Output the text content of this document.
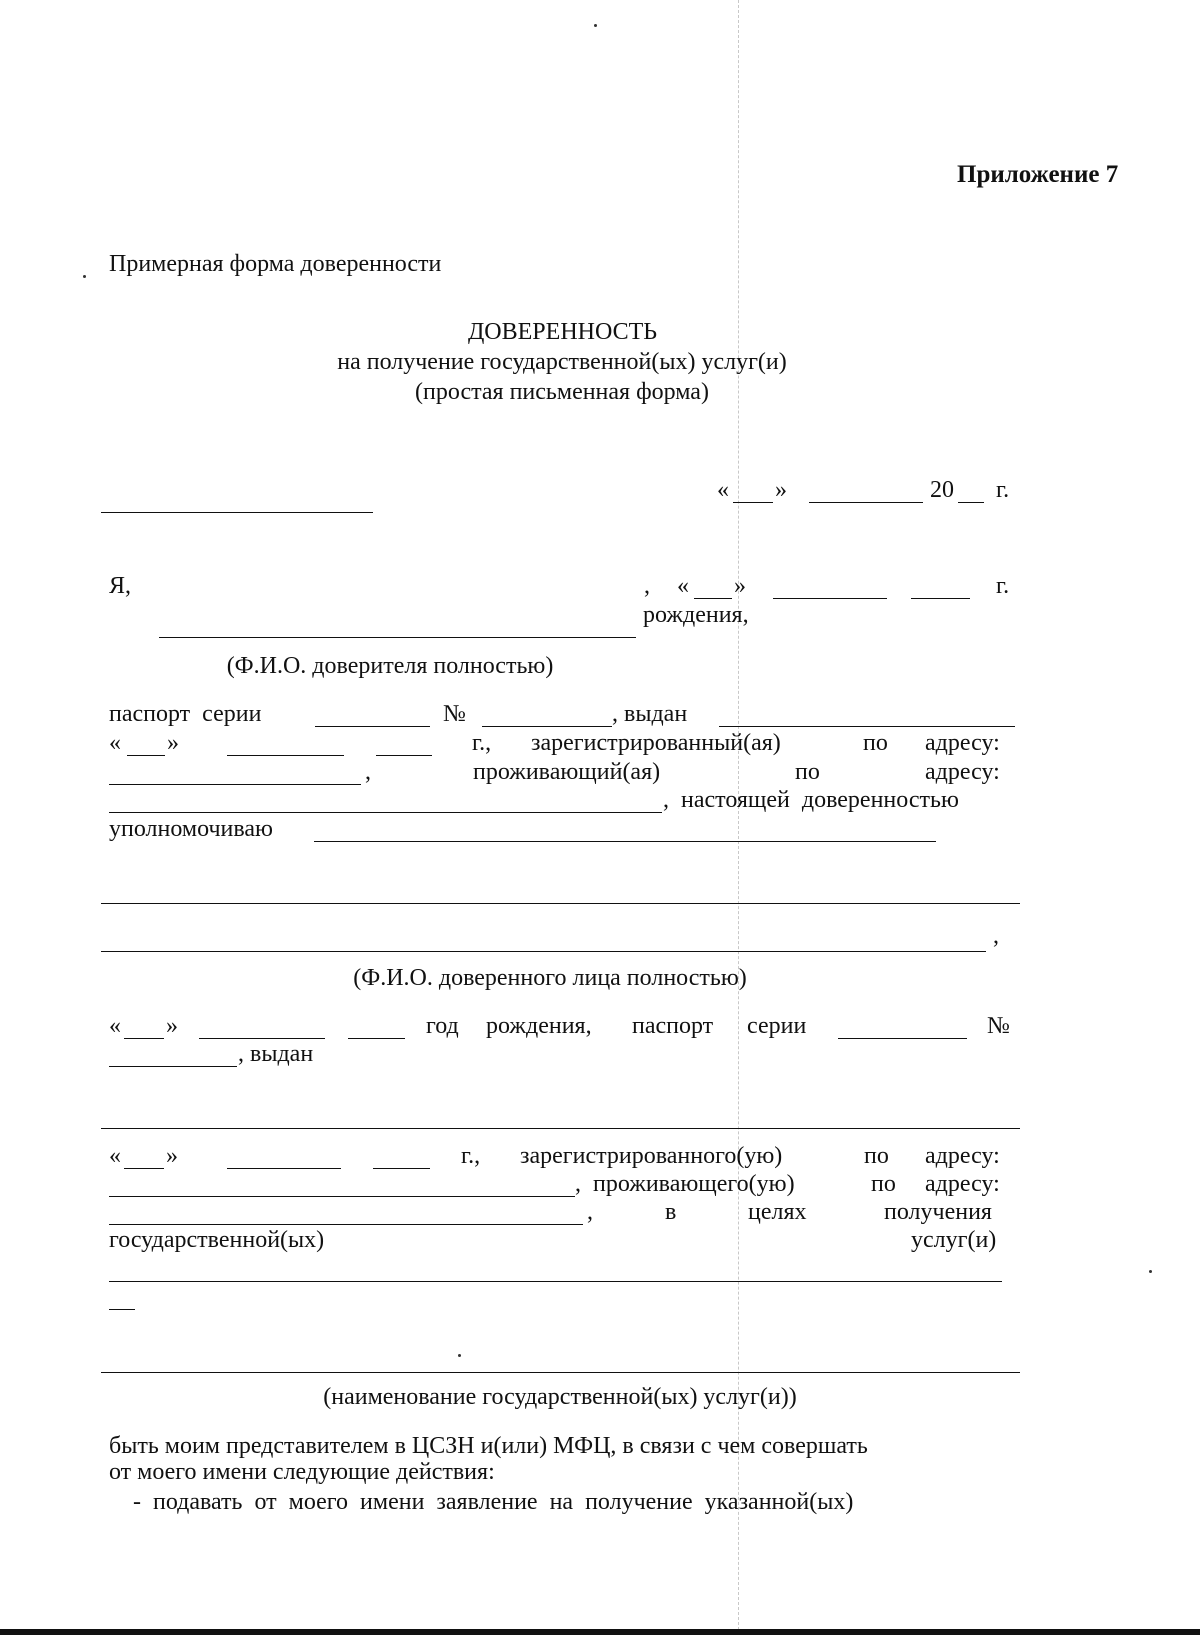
Приложение 7
Примерная форма доверенности
ДОВЕРЕННОСТЬ
на получение государственной(ых) услуг(и)
(простая письменная форма)
« »	20 г.
Я,	, « »	г.
рождения,
(Ф.И.О. доверителя полностью)
паспорт  серии	№	, выдан
« »	г., зарегистрированный(ая)	по адресу:
,	проживающий(ая)	по	адресу:
,  настоящей  доверенностью
уполномочиваю
,
(Ф.И.О. доверенного лица полностью)
« »	год рождения, паспорт серии	№
, выдан
« »	г., зарегистрированного(ую)	по адресу:
,  проживающего(ую)	по адресу:
,	в	целях	получения
государственной(ых)	услуг(и)
(наименование государственной(ых) услуг(и))
быть моим представителем в ЦСЗН и(или) МФЦ, в связи с чем совершать
от моего имени следующие действия:
-  подавать  от  моего  имени  заявление  на  получение  указанной(ых)
